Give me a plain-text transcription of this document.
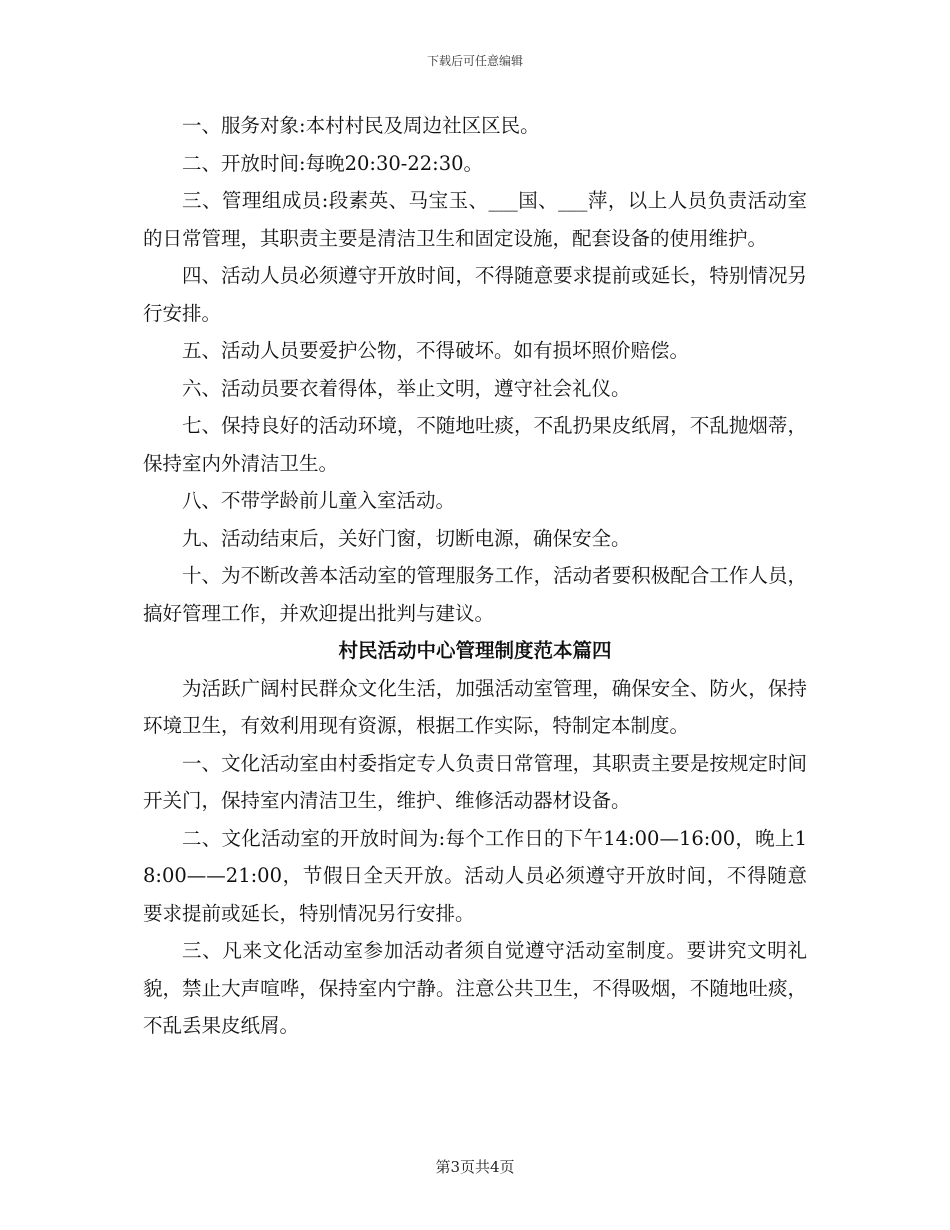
下载后可任意编辑

一、服务对象:本村村民及周边社区区民。

二、开放时间:每晚20:30-22:30。

三、管理组成员:段素英、马宝玉、___国、___萍，以上人员负责活动室的日常管理，其职责主要是清洁卫生和固定设施，配套设备的使用维护。

四、活动人员必须遵守开放时间，不得随意要求提前或延长，特别情况另行安排。

五、活动人员要爱护公物，不得破坏。如有损坏照价赔偿。

六、活动员要衣着得体，举止文明，遵守社会礼仪。

七、保持良好的活动环境，不随地吐痰，不乱扔果皮纸屑，不乱抛烟蒂，保持室内外清洁卫生。

八、不带学龄前儿童入室活动。

九、活动结束后，关好门窗，切断电源，确保安全。

十、为不断改善本活动室的管理服务工作，活动者要积极配合工作人员，搞好管理工作，并欢迎提出批判与建议。

村民活动中心管理制度范本篇四

为活跃广阔村民群众文化生活，加强活动室管理，确保安全、防火，保持环境卫生，有效利用现有资源，根据工作实际，特制定本制度。

一、文化活动室由村委指定专人负责日常管理，其职责主要是按规定时间开关门，保持室内清洁卫生，维护、维修活动器材设备。

二、文化活动室的开放时间为:每个工作日的下午14:00—16:00，晚上18:00——21:00，节假日全天开放。活动人员必须遵守开放时间，不得随意要求提前或延长，特别情况另行安排。

三、凡来文化活动室参加活动者须自觉遵守活动室制度。要讲究文明礼貌，禁止大声喧哗，保持室内宁静。注意公共卫生，不得吸烟，不随地吐痰，不乱丢果皮纸屑。

第3页共4页
